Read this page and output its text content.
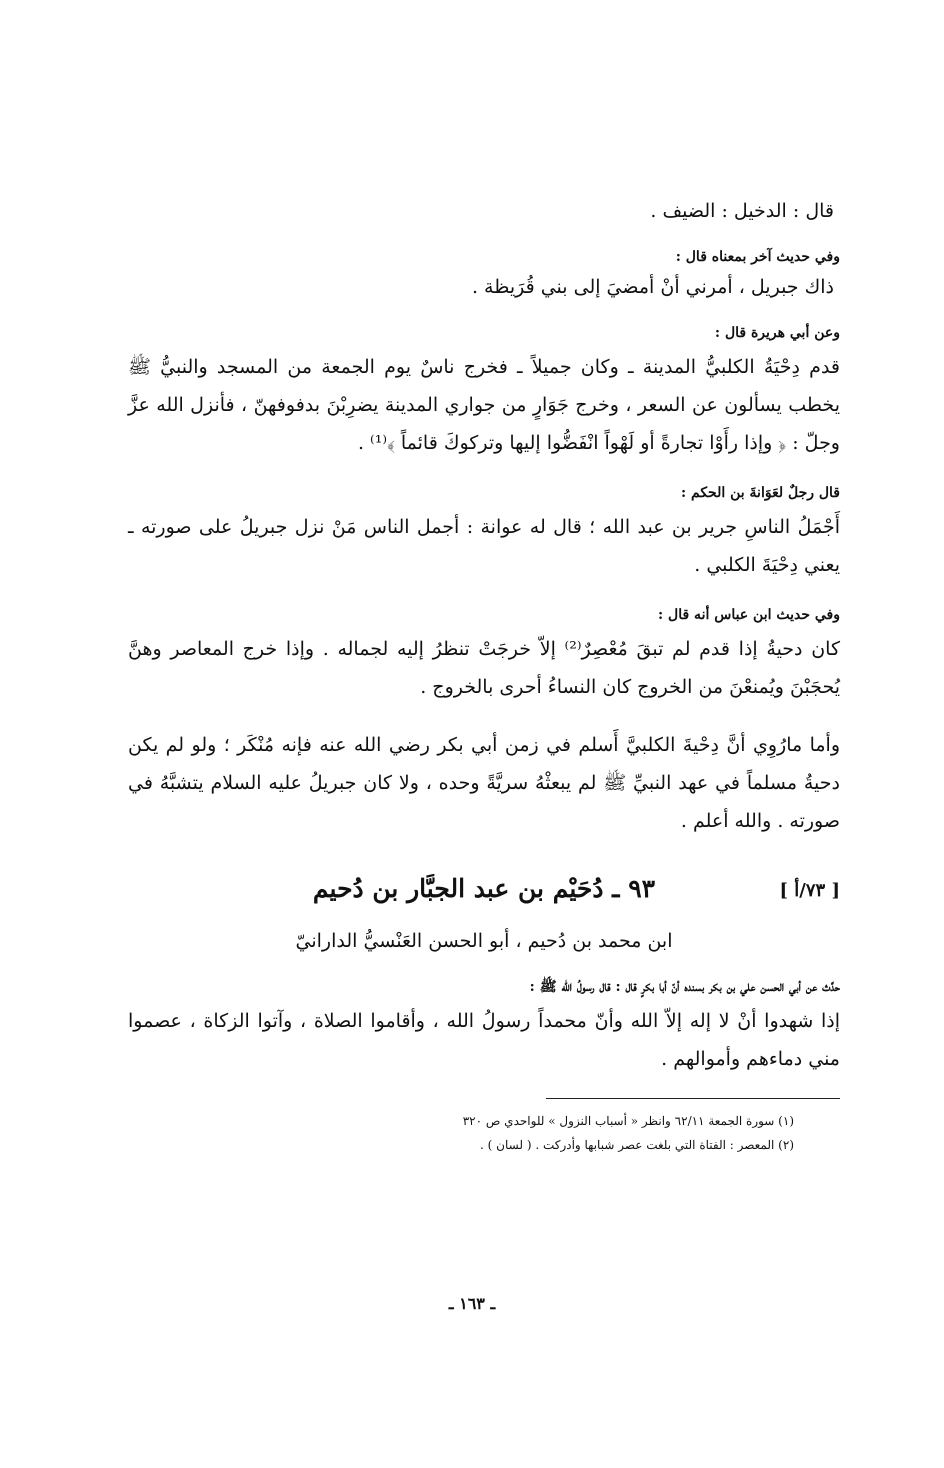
قال : الدخيل : الضيف .

وفي حديث آخر بمعناه قال :

ذاك جبريل ، أمرني أنْ أمضيَ إلى بني قُرَيظة .

وعن أبي هريرة قال :

قدم دِحْيَةُ الكلبيُّ المدينة ـ وكان جميلاً ـ فخرج ناسٌ يوم الجمعة من المسجد والنبيُّ ﷺ يخطب يسألون عن السعر ، وخرج جَوَارٍ من جواري المدينة يضرِبْنَ بدفوفهنّ ، فأنزل الله عزَّ وجلّ : ﴿ وإذا رأَوْا تجارةً أو لَهْواً انْفَضُّوا إليها وتركوكَ قائماً ﴾⁽¹⁾ .

قال رجلٌ لعَوَانةَ بن الحكم :

أَجْمَلُ الناسِ جرير بن عبد الله ؛ قال له عوانة : أجمل الناس مَنْ نزل جبريلُ على صورته ـ يعني دِحْيَةَ الكلبي .

وفي حديث ابن عباس أنه قال :

كان دحيةُ إذا قدم لم تبقَ مُعْصِرٌ⁽²⁾ إلاّ خرجَتْ تنظرُ إليه لجماله . وإذا خرج المعاصر وهنَّ يُحجَبْنَ ويُمنعْنَ من الخروج كان النساءُ أحرى بالخروج .

وأما مارُوِي أنَّ دِحْيةَ الكلبيَّ أَسلم في زمن أبي بكر رضي الله عنه فإنه مُنْكَر ؛ ولو لم يكن دحيةُ مسلماً في عهد النبيِّ ﷺ لم يبعثْهُ سريَّةً وحده ، ولا كان جبريلُ عليه السلام يتشبَّهُ في صورته . والله أعلم .

[ ٧٣/أ ]
٩٣ ـ دُحَيْم بن عبد الجبَّار بن دُحيم

ابن محمد بن دُحيم ، أبو الحسن العَنْسيُّ الدارانيّ

حدَّث عن أبي الحسن علي بن بكر بسنده أنّ أبا بكرٍ قال : قال رسولُ الله ﷺ :

إذا شهدوا أنْ لا إله إلاّ الله وأنّ محمداً رسولُ الله ، وأقاموا الصلاة ، وآتوا الزكاة ، عصموا مني دماءهم وأموالهم .

(١) سورة الجمعة ٦٢/١١ وانظر « أسباب النزول » للواحدي ص ٣٢٠

(٢) المعصر : الفتاة التي بلغت عصر شبابها وأدركت . ( لسان ) .

ـ ١٦٣ ـ
